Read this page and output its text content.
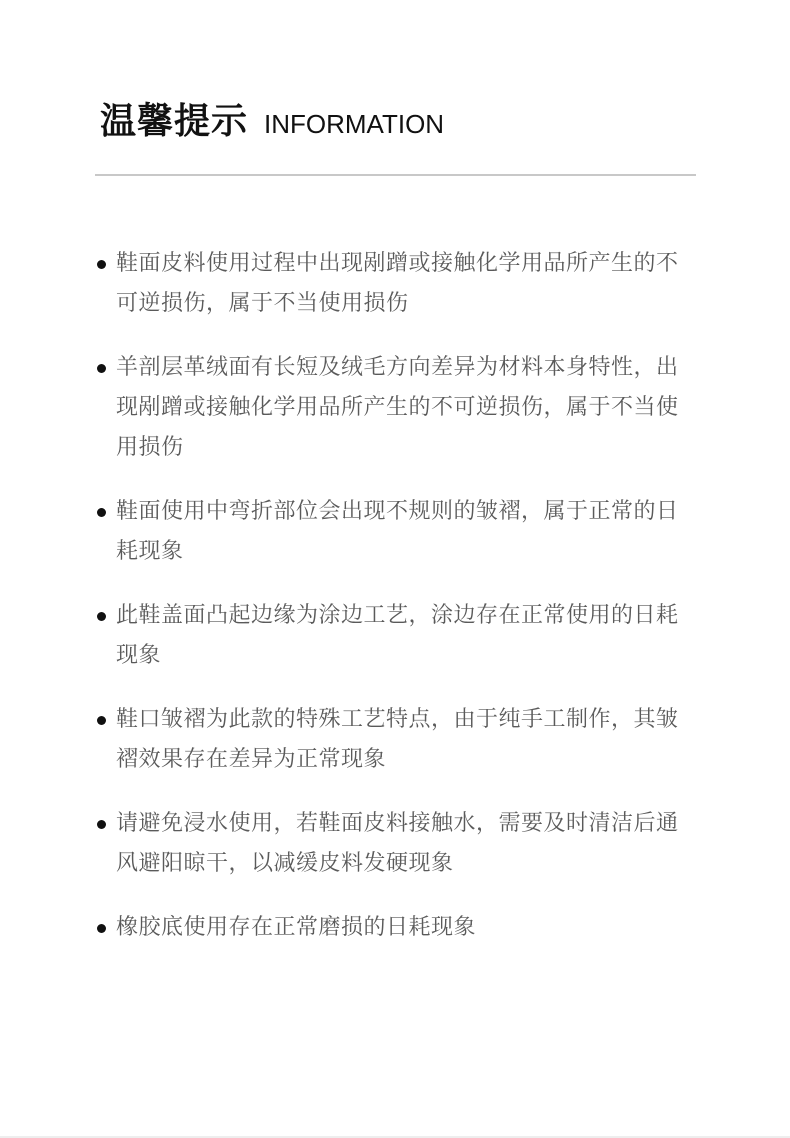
温馨提示 INFORMATION
鞋面皮料使用过程中出现剐蹭或接触化学用品所产生的不可逆损伤，属于不当使用损伤
羊剖层革绒面有长短及绒毛方向差异为材料本身特性，出现剐蹭或接触化学用品所产生的不可逆损伤，属于不当使用损伤
鞋面使用中弯折部位会出现不规则的皱褶，属于正常的日耗现象
此鞋盖面凸起边缘为涂边工艺，涂边存在正常使用的日耗现象
鞋口皱褶为此款的特殊工艺特点，由于纯手工制作，其皱褶效果存在差异为正常现象
请避免浸水使用，若鞋面皮料接触水，需要及时清洁后通风避阳晾干，以减缓皮料发硬现象
橡胶底使用存在正常磨损的日耗现象
